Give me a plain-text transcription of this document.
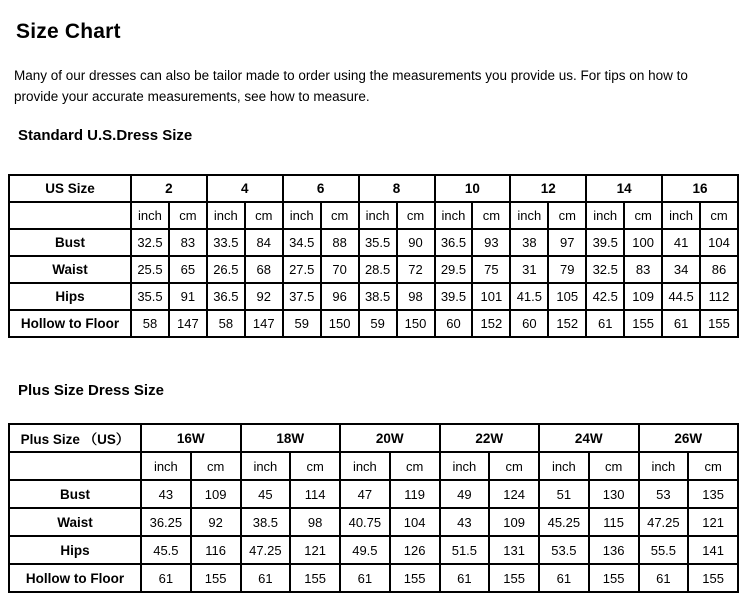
Size Chart

Many of our dresses can also be tailor made to order using the measurements you provide us. For tips on how to provide your accurate measurements, see how to measure.

Standard U.S.Dress Size
US Size	2		4		6		8		10		12		14		16	
	inch	cm	inch	cm	inch	cm	inch	cm	inch	cm	inch	cm	inch	cm	inch	cm
Bust	32.5	83	33.5	84	34.5	88	35.5	90	36.5	93	38	97	39.5	100	41	104
Waist	25.5	65	26.5	68	27.5	70	28.5	72	29.5	75	31	79	32.5	83	34	86
Hips	35.5	91	36.5	92	37.5	96	38.5	98	39.5	101	41.5	105	42.5	109	44.5	112
Hollow to Floor	58	147	58	147	59	150	59	150	60	152	60	152	61	155	61	155
Plus Size Dress Size
Plus Size （US）	16W		18W		20W		22W		24W		26W	
	inch	cm	inch	cm	inch	cm	inch	cm	inch	cm	inch	cm
Bust	43	109	45	114	47	119	49	124	51	130	53	135
Waist	36.25	92	38.5	98	40.75	104	43	109	45.25	115	47.25	121
Hips	45.5	116	47.25	121	49.5	126	51.5	131	53.5	136	55.5	141
Hollow to Floor	61	155	61	155	61	155	61	155	61	155	61	155
